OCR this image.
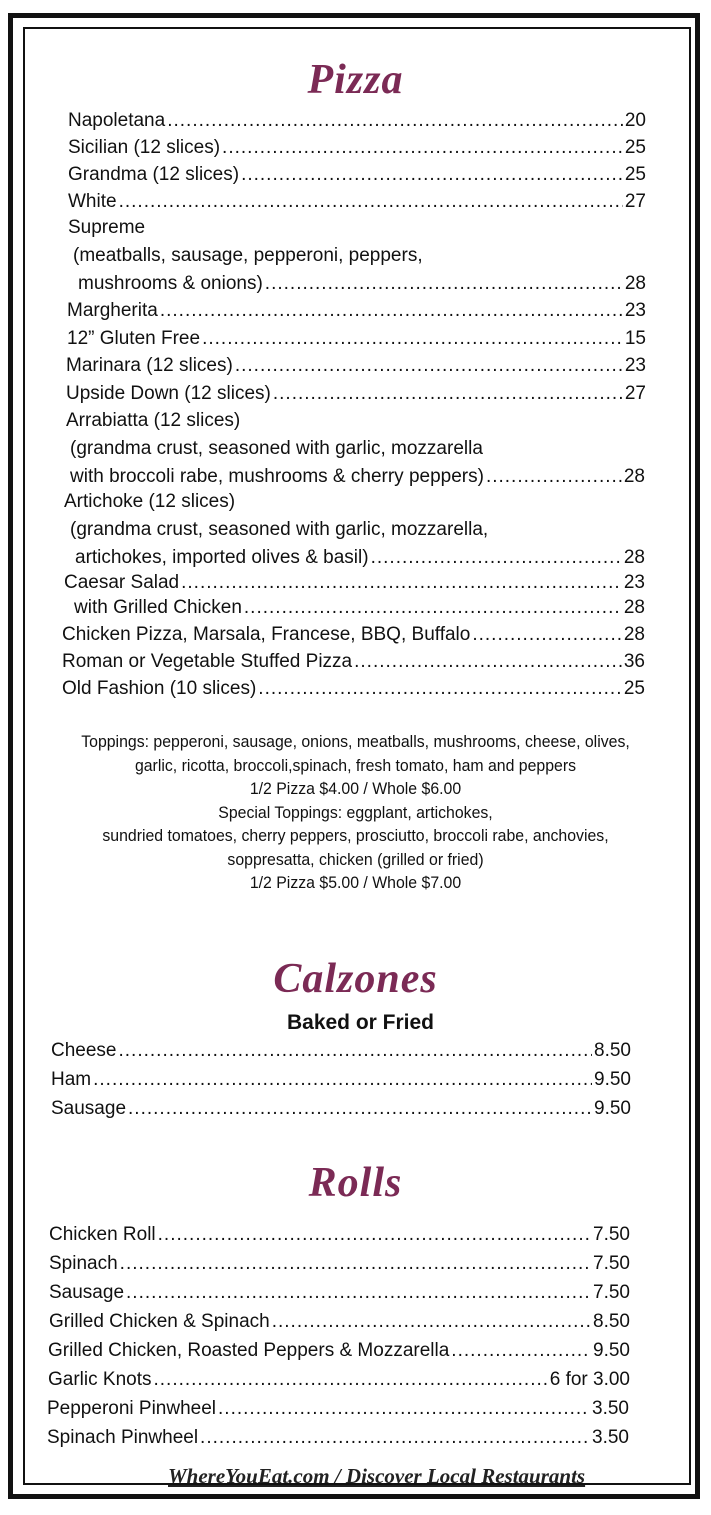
Pizza
Napoletana .....	20
Sicilian (12 slices) .....	25
Grandma (12 slices) .....	25
White .....	27
Supreme
(meatballs, sausage, pepperoni, peppers,
mushrooms & onions) .....	28
Margherita .....	23
12” Gluten Free .....	15
Marinara (12 slices) .....	23
Upside Down (12 slices) .....	27
Arrabiatta (12 slices)
(grandma crust, seasoned with garlic, mozzarella
with broccoli rabe, mushrooms & cherry peppers) .....	28
Artichoke (12 slices)
(grandma crust, seasoned with garlic, mozzarella,
artichokes, imported olives & basil) .....	28
Caesar Salad .....	23
with Grilled Chicken .....	28
Chicken Pizza, Marsala, Francese, BBQ, Buffalo .....	28
Roman or Vegetable Stuffed Pizza .....	36
Old Fashion (10 slices) .....	25
Toppings: pepperoni, sausage, onions, meatballs, mushrooms, cheese, olives,
garlic, ricotta, broccoli,spinach, fresh tomato, ham and peppers
1/2 Pizza $4.00 / Whole $6.00
Special Toppings: eggplant, artichokes,
sundried tomatoes, cherry peppers, prosciutto, broccoli rabe, anchovies,
soppresatta, chicken (grilled or fried)
1/2 Pizza $5.00 / Whole $7.00
Calzones
Baked or Fried
Cheese .....	8.50
Ham .....	9.50
Sausage .....	9.50
Rolls
Chicken Roll .....	7.50
Spinach .....	7.50
Sausage .....	7.50
Grilled Chicken & Spinach .....	8.50
Grilled Chicken, Roasted Peppers & Mozzarella .....	9.50
Garlic Knots .....	6 for 3.00
Pepperoni Pinwheel .....	3.50
Spinach Pinwheel .....	3.50
WhereYouEat.com / Discover Local Restaurants
